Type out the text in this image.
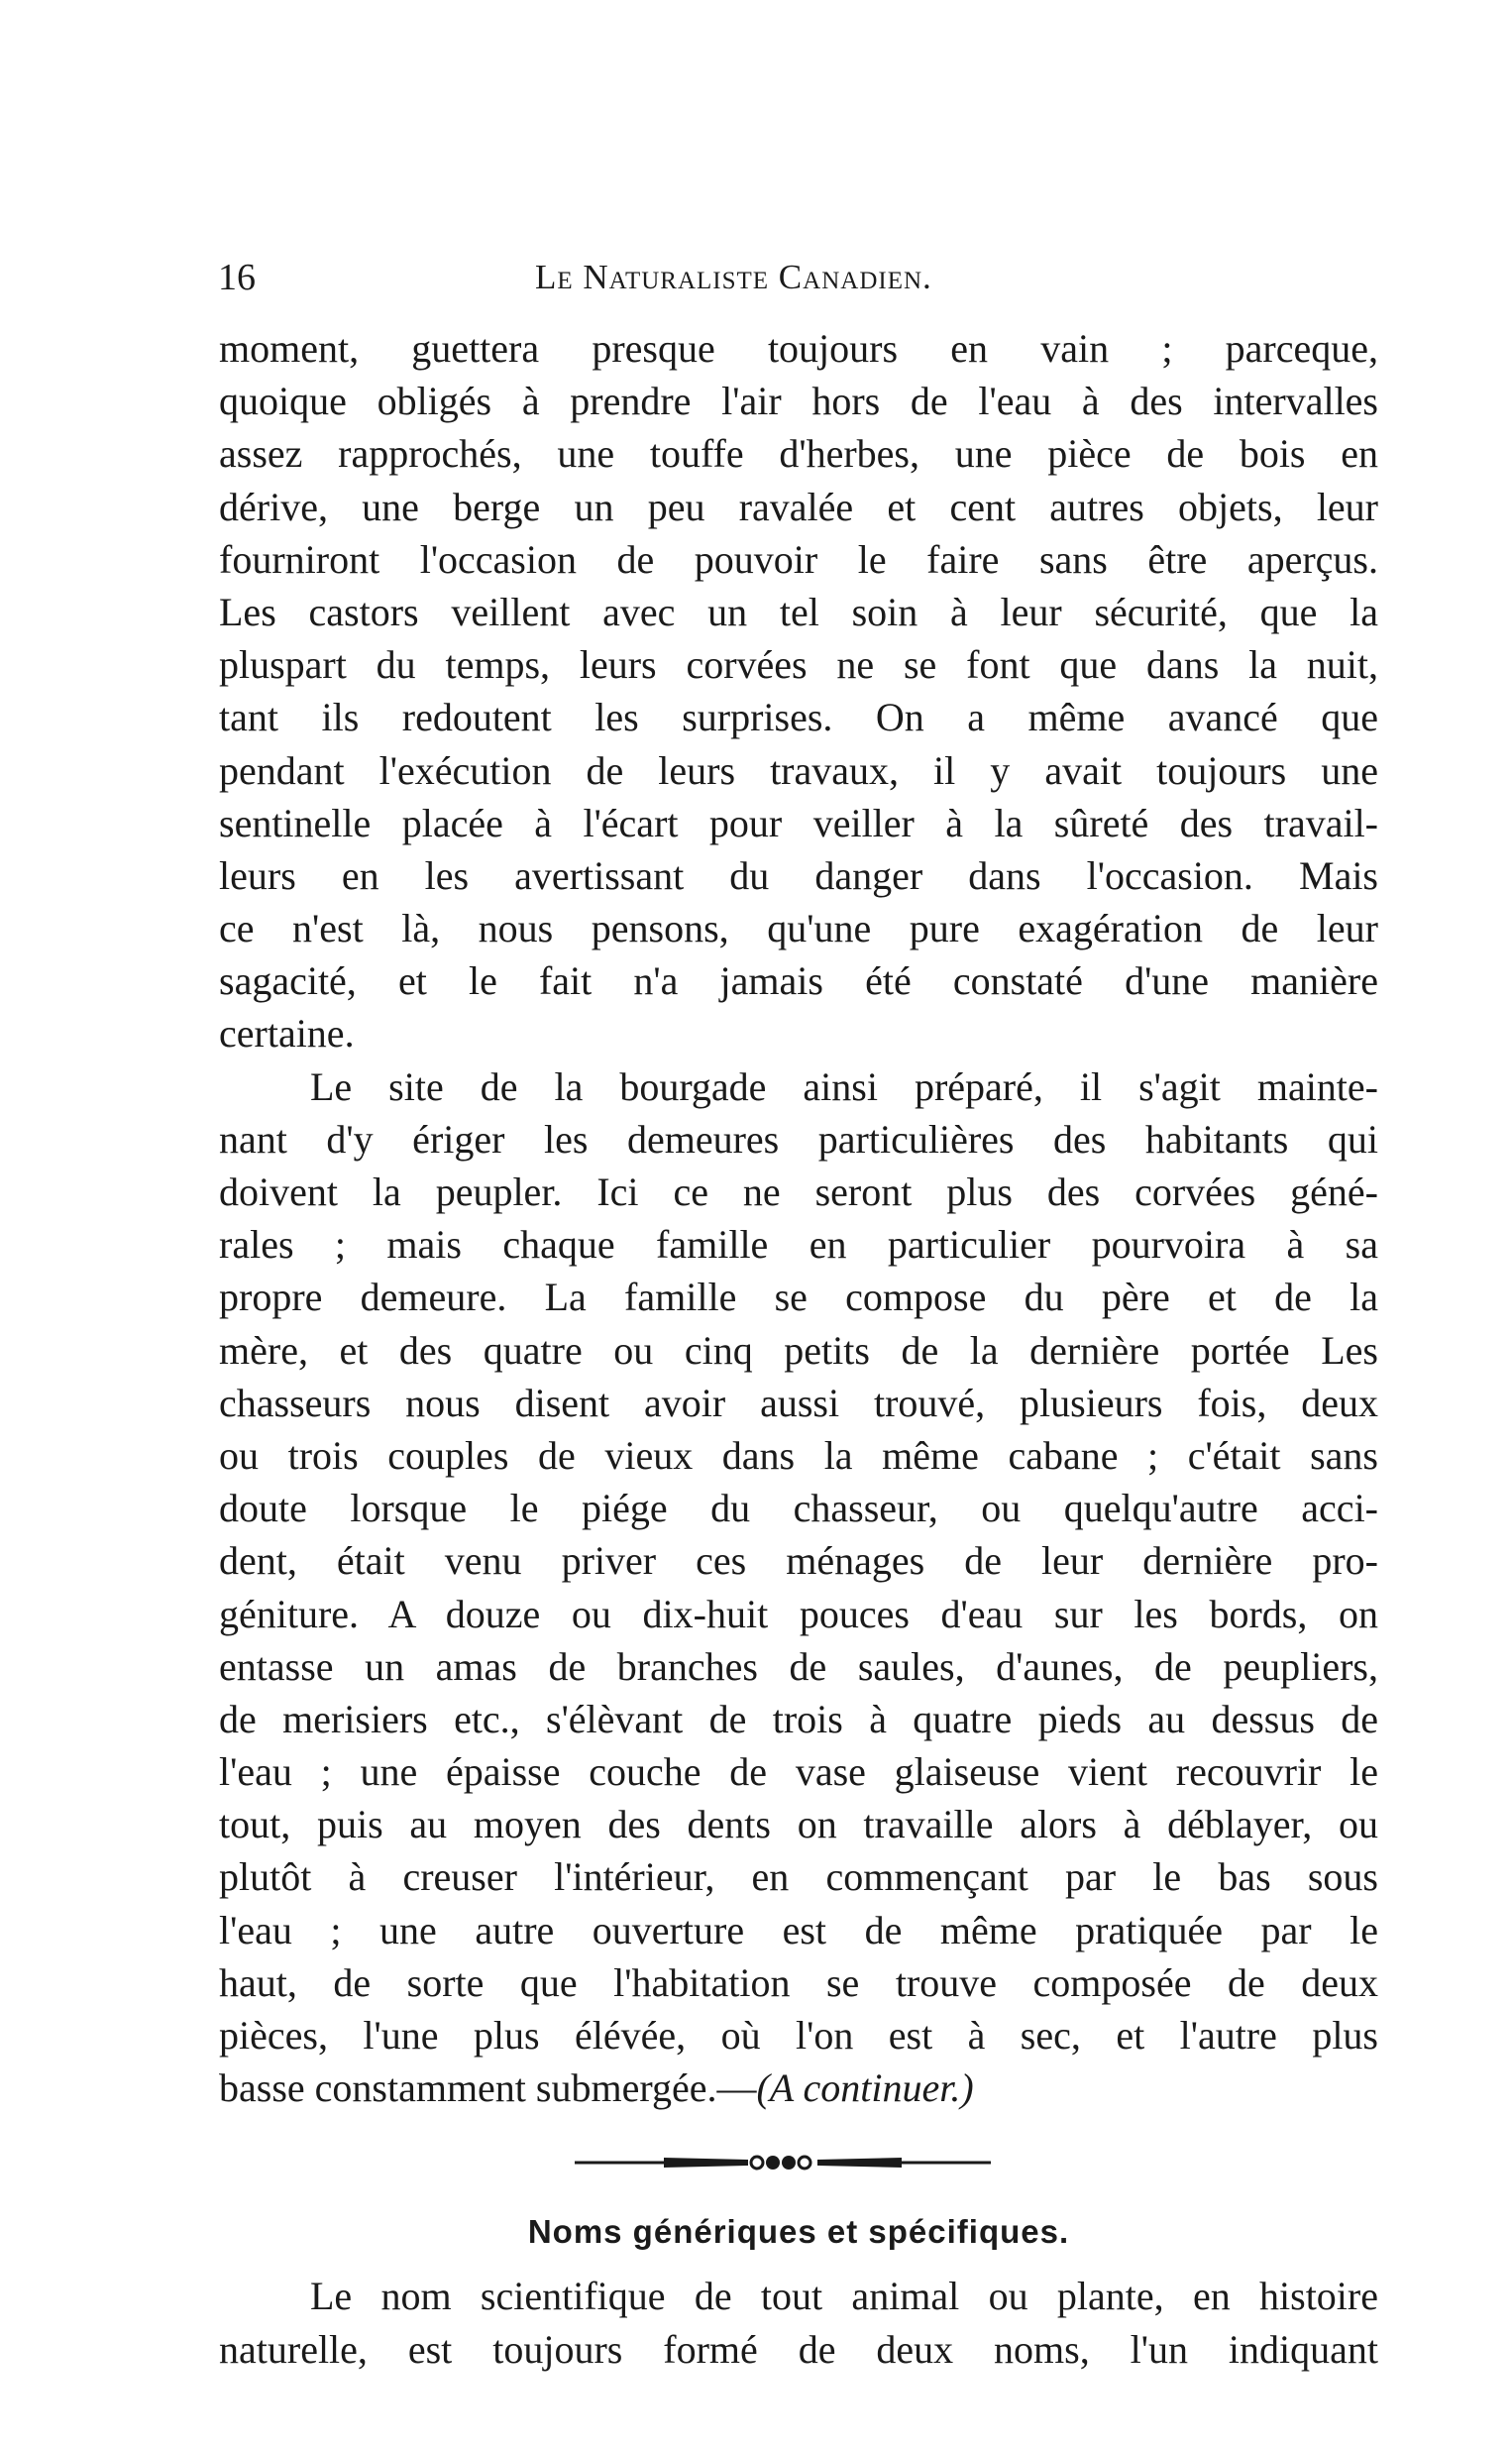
16	Le Naturaliste Canadien.
moment, guettera presque toujours en vain ; parceque,
quoique obligés à prendre l'air hors de l'eau à des intervalles
assez rapprochés, une touffe d'herbes, une pièce de bois en
dérive, une berge un peu ravalée et cent autres objets, leur
fourniront l'occasion de pouvoir le faire sans être aperçus.
Les castors veillent avec un tel soin à leur sécurité, que la
pluspart du temps, leurs corvées ne se font que dans la nuit,
tant ils redoutent les surprises. On a même avancé que
pendant l'exécution de leurs travaux, il y avait toujours une
sentinelle placée à l'écart pour veiller à la sûreté des travail-
leurs en les avertissant du danger dans l'occasion. Mais
ce n'est là, nous pensons, qu'une pure exagération de leur
sagacité, et le fait n'a jamais été constaté d'une manière
certaine.
Le site de la bourgade ainsi préparé, il s'agit mainte-
nant d'y ériger les demeures particulières des habitants qui
doivent la peupler. Ici ce ne seront plus des corvées géné-
rales ; mais chaque famille en particulier pourvoira à sa
propre demeure. La famille se compose du père et de la
mère, et des quatre ou cinq petits de la dernière portée Les
chasseurs nous disent avoir aussi trouvé, plusieurs fois, deux
ou trois couples de vieux dans la même cabane ; c'était sans
doute lorsque le piége du chasseur, ou quelqu'autre acci-
dent, était venu priver ces ménages de leur dernière pro-
géniture. A douze ou dix-huit pouces d'eau sur les bords, on
entasse un amas de branches de saules, d'aunes, de peupliers,
de merisiers etc., s'élèvant de trois à quatre pieds au dessus de
l'eau ; une épaisse couche de vase glaiseuse vient recouvrir le
tout, puis au moyen des dents on travaille alors à déblayer, ou
plutôt à creuser l'intérieur, en commençant par le bas sous
l'eau ; une autre ouverture est de même pratiquée par le
haut, de sorte que l'habitation se trouve composée de deux
pièces, l'une plus élévée, où l'on est à sec, et l'autre plus
basse constamment submergée.—(A continuer.)
Noms génériques et spécifiques.
Le nom scientifique de tout animal ou plante, en histoire
naturelle, est toujours formé de deux noms, l'un indiquant
